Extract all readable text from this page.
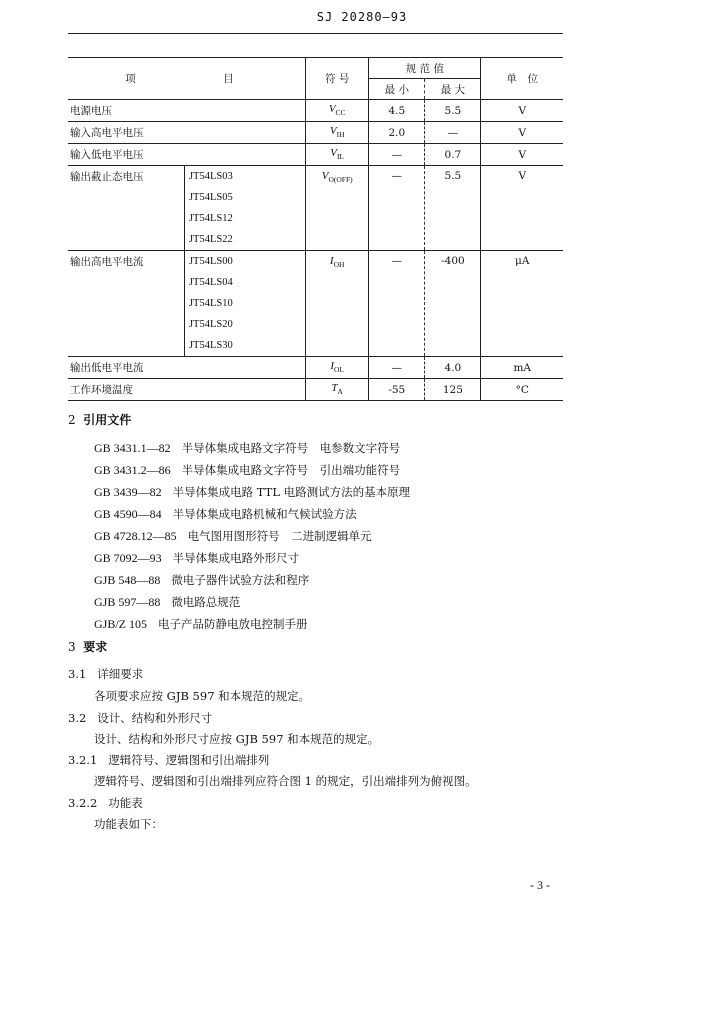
SJ 20280—93
项　　　目		符 号	规 范 值		单　位
			最 小	最 大	
电源电压		$V_{CC}$	4.5	5.5	V
输入高电平电压		$V_{IH}$	2.0	—	V
输入低电平电压		$V_{IL}$	—	0.7	V
输出截止态电压	JT54LS03
JT54LS05
JT54LS12
JT54LS22	$V_{O(OFF)}$	—	5.5	V
输出高电平电流	JT54LS00
JT54LS04
JT54LS10
JT54LS20
JT54LS30	$I_{OH}$	—	-400	μA
输出低电平电流		$I_{OL}$	—	4.0	mA
工作环境温度		$T_A$	-55	125	°C
2 引用文件
GB 3431.1—82 半导体集成电路文字符号　电参数文字符号
GB 3431.2—86 半导体集成电路文字符号　引出端功能符号
GB 3439—82 半导体集成电路 TTL 电路测试方法的基本原理
GB 4590—84 半导体集成电路机械和气候试验方法
GB 4728.12—85 电气图用图形符号　二进制逻辑单元
GB 7092—93 半导体集成电路外形尺寸
GJB 548—88 微电子器件试验方法和程序
GJB 597—88 微电路总规范
GJB/Z 105 电子产品防静电放电控制手册
3 要求
3.1 详细要求
各项要求应按 GJB 597 和本规范的规定。
3.2 设计、结构和外形尺寸
设计、结构和外形尺寸应按 GJB 597 和本规范的规定。
3.2.1 逻辑符号、逻辑图和引出端排列
逻辑符号、逻辑图和引出端排列应符合图 1 的规定，引出端排列为俯视图。
3.2.2 功能表
功能表如下：
- 3 -
